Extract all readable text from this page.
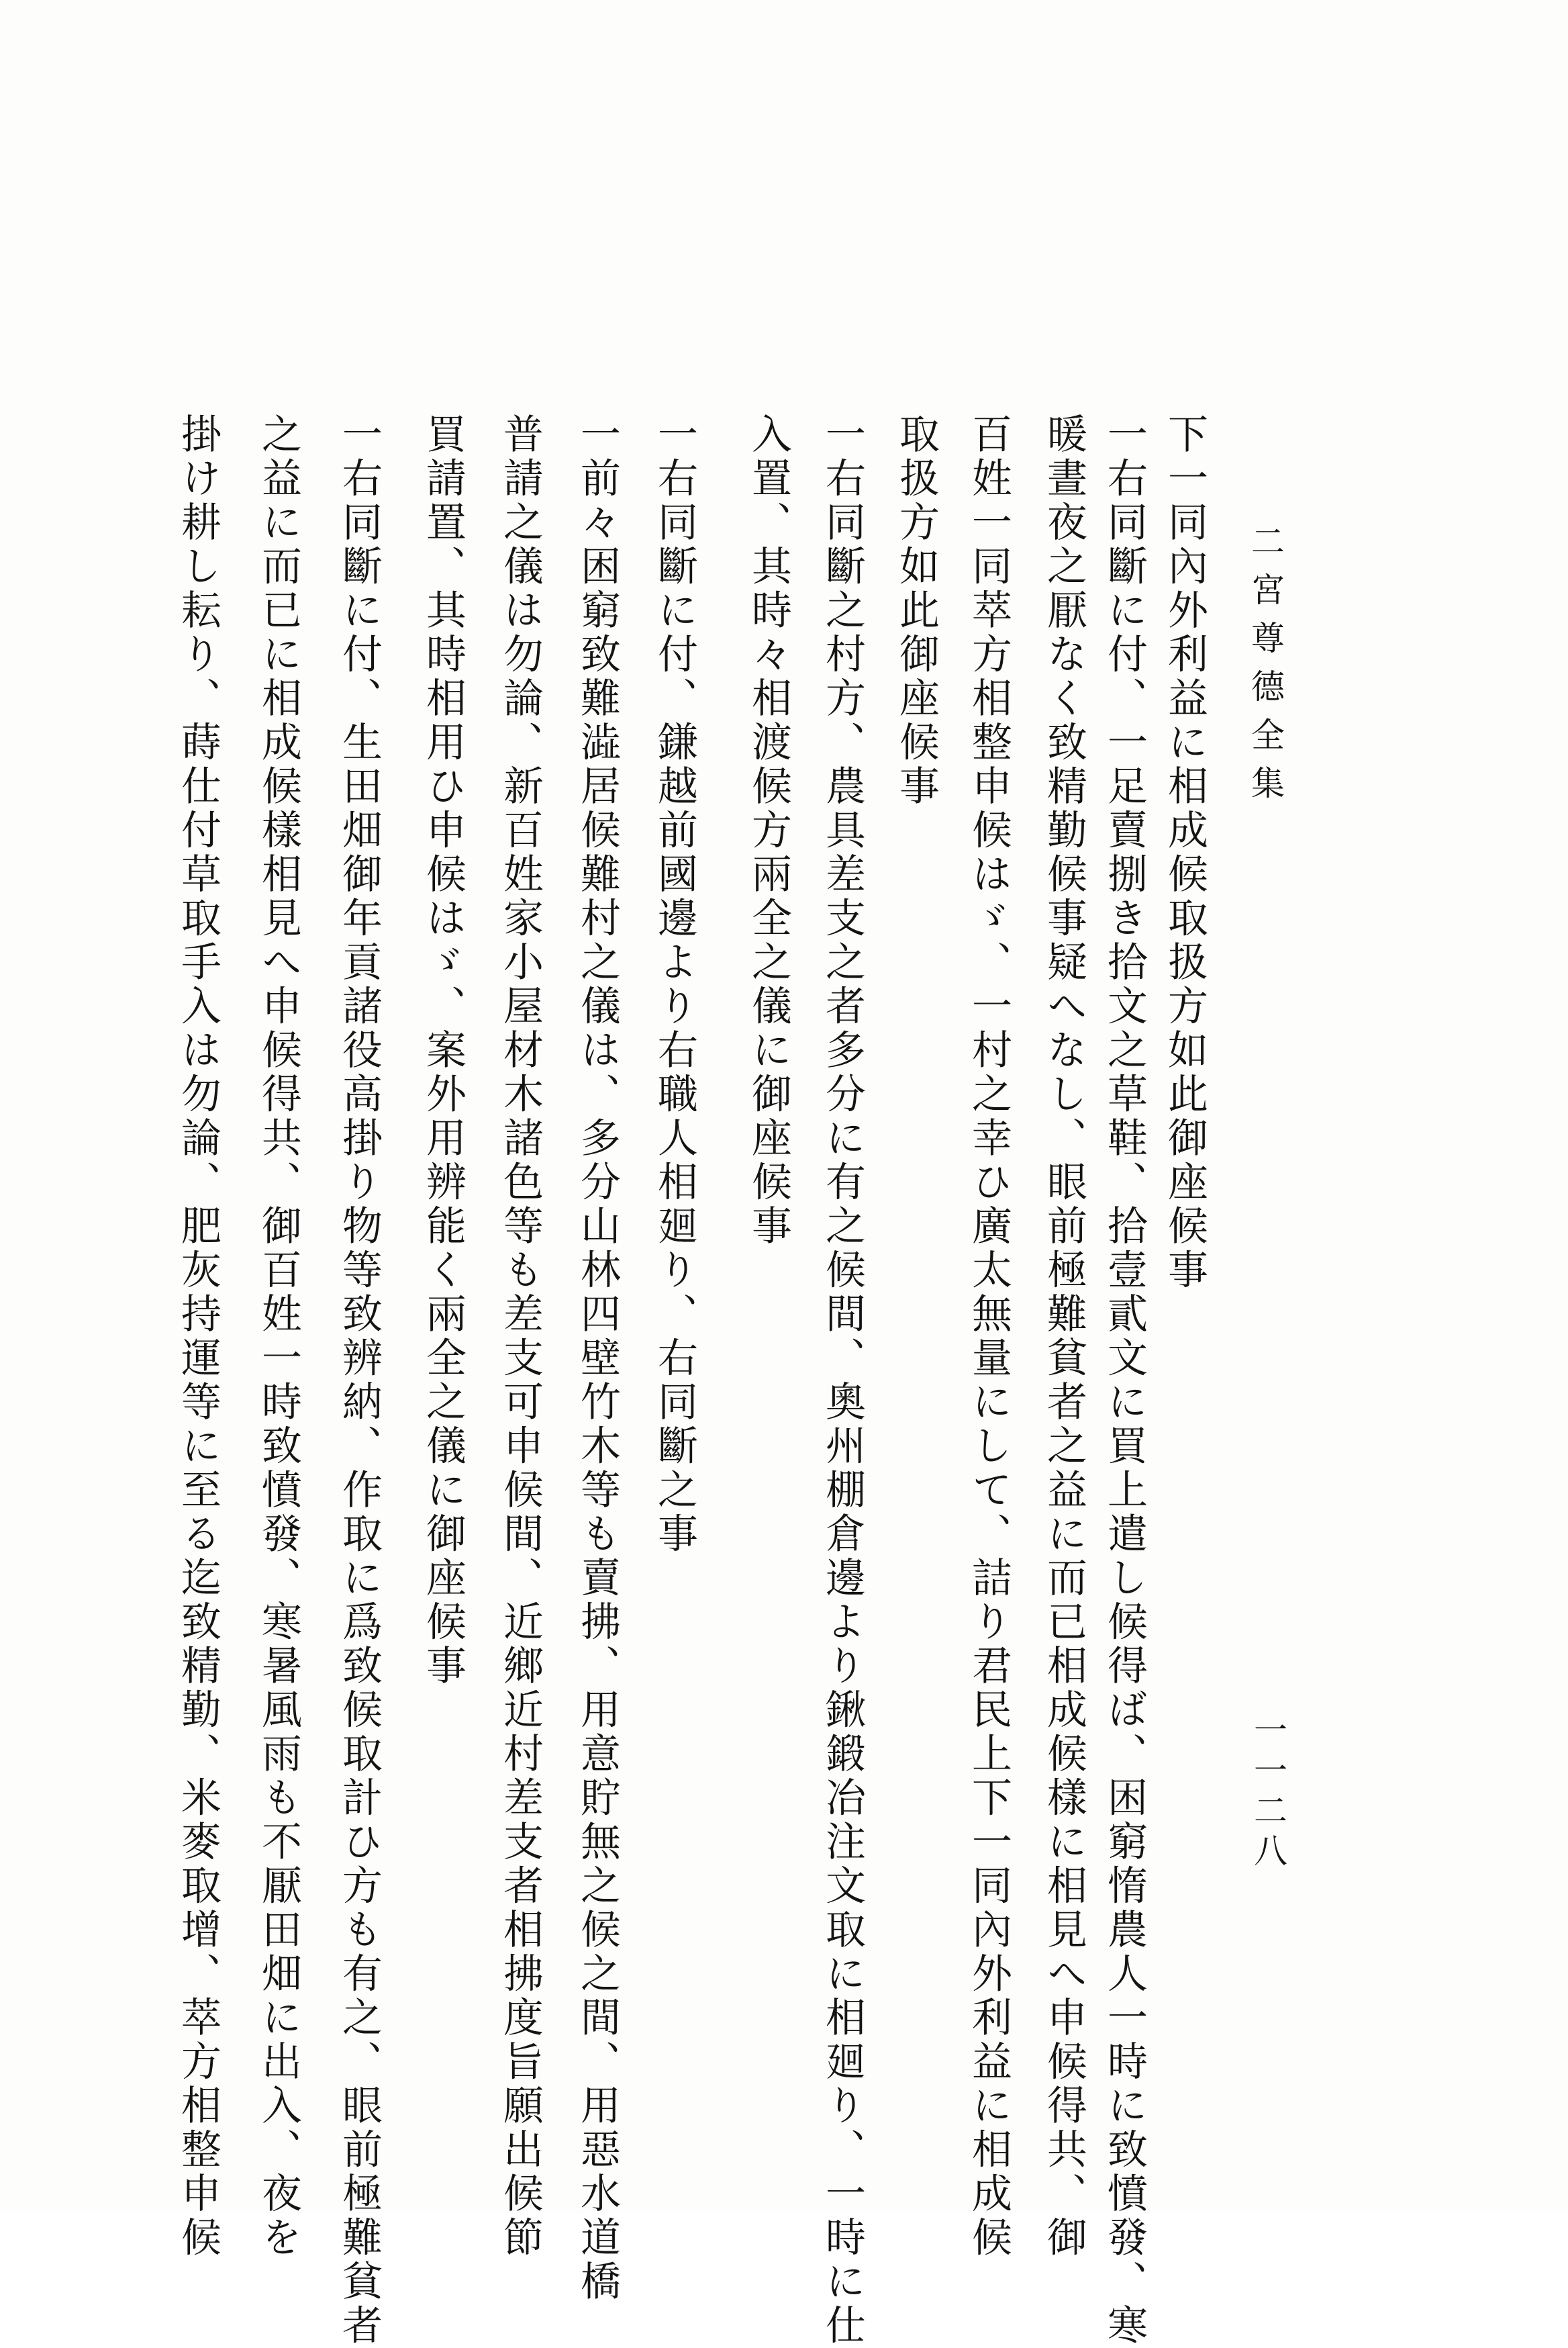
二宮尊德全集
一一二八
下一同內外利益に相成候取扱方如此御座候事
一右同斷に付、一足賣捌き拾文之草鞋、拾壹貳文に買上遣し候得ば、困窮惰農人一時に致憤發、寒
暖晝夜之厭なく致精勤候事疑へなし、眼前極難貧者之益に而已相成候樣に相見へ申候得共、御
百姓一同萃方相整申候はゞ、一村之幸ひ廣太無量にして、詰り君民上下一同內外利益に相成候
取扱方如此御座候事
一右同斷之村方、農具差支之者多分に有之候間、奧州棚倉邊より鍬鍛冶注文取に相廻り、一時に仕
入置、其時々相渡候方兩全之儀に御座候事
一右同斷に付、鎌越前國邊より右職人相廻り、右同斷之事
一前々困窮致難澁居候難村之儀は、多分山林四壁竹木等も賣拂、用意貯無之候之間、用惡水道橋
普請之儀は勿論、新百姓家小屋材木諸色等も差支可申候間、近鄉近村差支者相拂度旨願出候節
買請置、其時相用ひ申候はゞ、案外用辨能く兩全之儀に御座候事
一右同斷に付、生田畑御年貢諸役高掛り物等致辨納、作取に爲致候取計ひ方も有之、眼前極難貧者
之益に而已に相成候樣相見へ申候得共、御百姓一時致憤發、寒暑風雨も不厭田畑に出入、夜を
掛け耕し耘り、蒔仕付草取手入は勿論、肥灰持運等に至る迄致精勤、米麥取增、萃方相整申候
